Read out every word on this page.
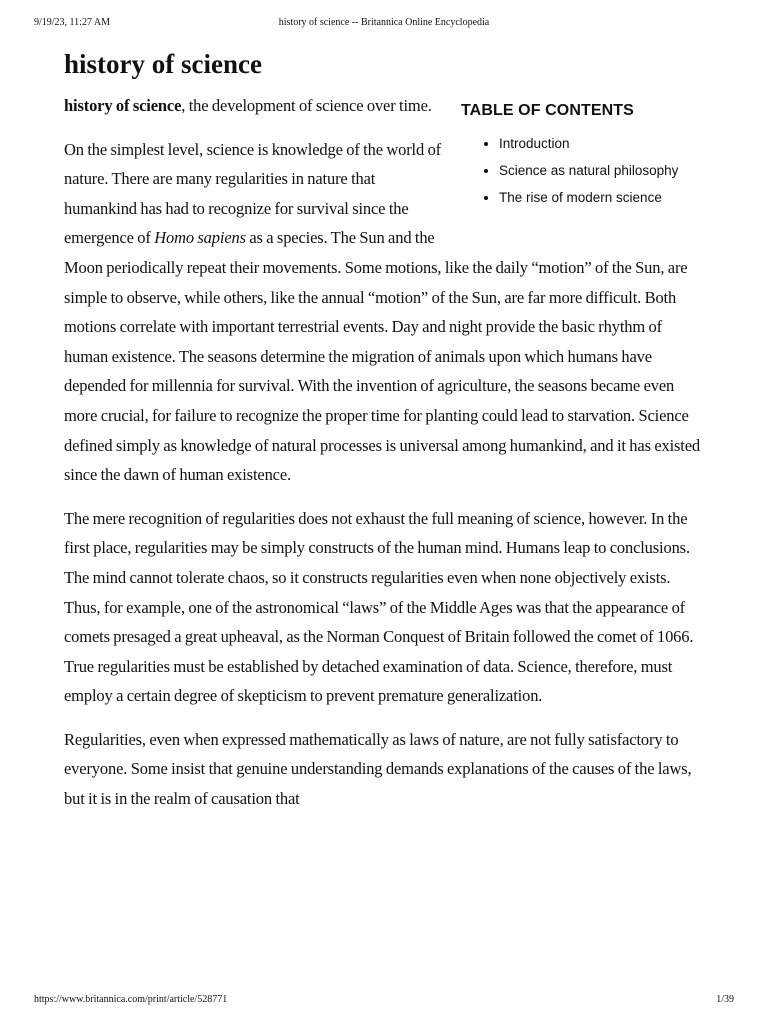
9/19/23, 11:27 AM	history of science -- Britannica Online Encyclopedia
history of science
TABLE OF CONTENTS
• Introduction
• Science as natural philosophy
• The rise of modern science

history of science, the development of science over time.

On the simplest level, science is knowledge of the world of nature. There are many regularities in nature that humankind has had to recognize for survival since the emergence of Homo sapiens as a species. The Sun and the Moon periodically repeat their movements. Some motions, like the daily “motion” of the Sun, are simple to observe, while others, like the annual “motion” of the Sun, are far more difficult. Both motions correlate with important terrestrial events. Day and night provide the basic rhythm of human existence. The seasons determine the migration of animals upon which humans have depended for millennia for survival. With the invention of agriculture, the seasons became even more crucial, for failure to recognize the proper time for planting could lead to starvation. Science defined simply as knowledge of natural processes is universal among humankind, and it has existed since the dawn of human existence.

The mere recognition of regularities does not exhaust the full meaning of science, however. In the first place, regularities may be simply constructs of the human mind. Humans leap to conclusions. The mind cannot tolerate chaos, so it constructs regularities even when none objectively exists. Thus, for example, one of the astronomical “laws” of the Middle Ages was that the appearance of comets presaged a great upheaval, as the Norman Conquest of Britain followed the comet of 1066. True regularities must be established by detached examination of data. Science, therefore, must employ a certain degree of skepticism to prevent premature generalization.

Regularities, even when expressed mathematically as laws of nature, are not fully satisfactory to everyone. Some insist that genuine understanding demands explanations of the causes of the laws, but it is in the realm of causation that

https://www.britannica.com/print/article/528771	1/39
